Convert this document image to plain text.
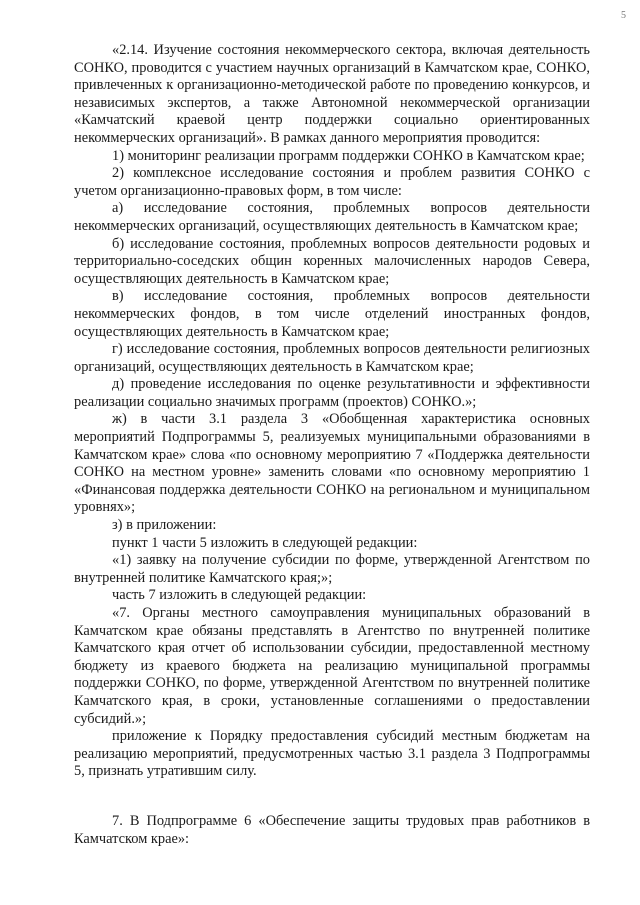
5

«2.14. Изучение состояния некоммерческого сектора, включая деятельность СОНКО, проводится с участием научных организаций в Камчатском крае, СОНКО, привлеченных к организационно-методической работе по проведению конкурсов, и независимых экспертов, а также Автономной некоммерческой организации «Камчатский краевой центр поддержки социально ориентированных некоммерческих организаций». В рамках данного мероприятия проводится:

1) мониторинг реализации программ поддержки СОНКО в Камчатском крае;

2) комплексное исследование состояния и проблем развития СОНКО с учетом организационно-правовых форм, в том числе:

а) исследование состояния, проблемных вопросов деятельности некоммерческих организаций, осуществляющих деятельность в Камчатском крае;

б) исследование состояния, проблемных вопросов деятельности родовых и территориально-соседских общин коренных малочисленных народов Севера, осуществляющих деятельность в Камчатском крае;

в) исследование состояния, проблемных вопросов деятельности некоммерческих фондов, в том числе отделений иностранных фондов, осуществляющих деятельность в Камчатском крае;

г) исследование состояния, проблемных вопросов деятельности религиозных организаций, осуществляющих деятельность в Камчатском крае;

д) проведение исследования по оценке результативности и эффективности реализации социально значимых программ (проектов) СОНКО.»;

ж) в части 3.1 раздела 3 «Обобщенная характеристика основных мероприятий Подпрограммы 5, реализуемых муниципальными образованиями в Камчатском крае» слова «по основному мероприятию 7 «Поддержка деятельности СОНКО на местном уровне» заменить словами «по основному мероприятию 1 «Финансовая поддержка деятельности СОНКО на региональном и муниципальном уровнях»;

з) в приложении:

пункт 1 части 5 изложить в следующей редакции:

«1) заявку на получение субсидии по форме, утвержденной Агентством по внутренней политике Камчатского края;»;

часть 7 изложить в следующей редакции:

«7. Органы местного самоуправления муниципальных образований в Камчатском крае обязаны представлять в Агентство по внутренней политике Камчатского края отчет об использовании субсидии, предоставленной местному бюджету из краевого бюджета на реализацию муниципальной программы поддержки СОНКО, по форме, утвержденной Агентством по внутренней политике Камчатского края, в сроки, установленные соглашениями о предоставлении субсидий.»;

приложение к Порядку предоставления субсидий местным бюджетам на реализацию мероприятий, предусмотренных частью 3.1 раздела 3 Подпрограммы 5, признать утратившим силу.

7. В Подпрограмме 6 «Обеспечение защиты трудовых прав работников в Камчатском крае»:
